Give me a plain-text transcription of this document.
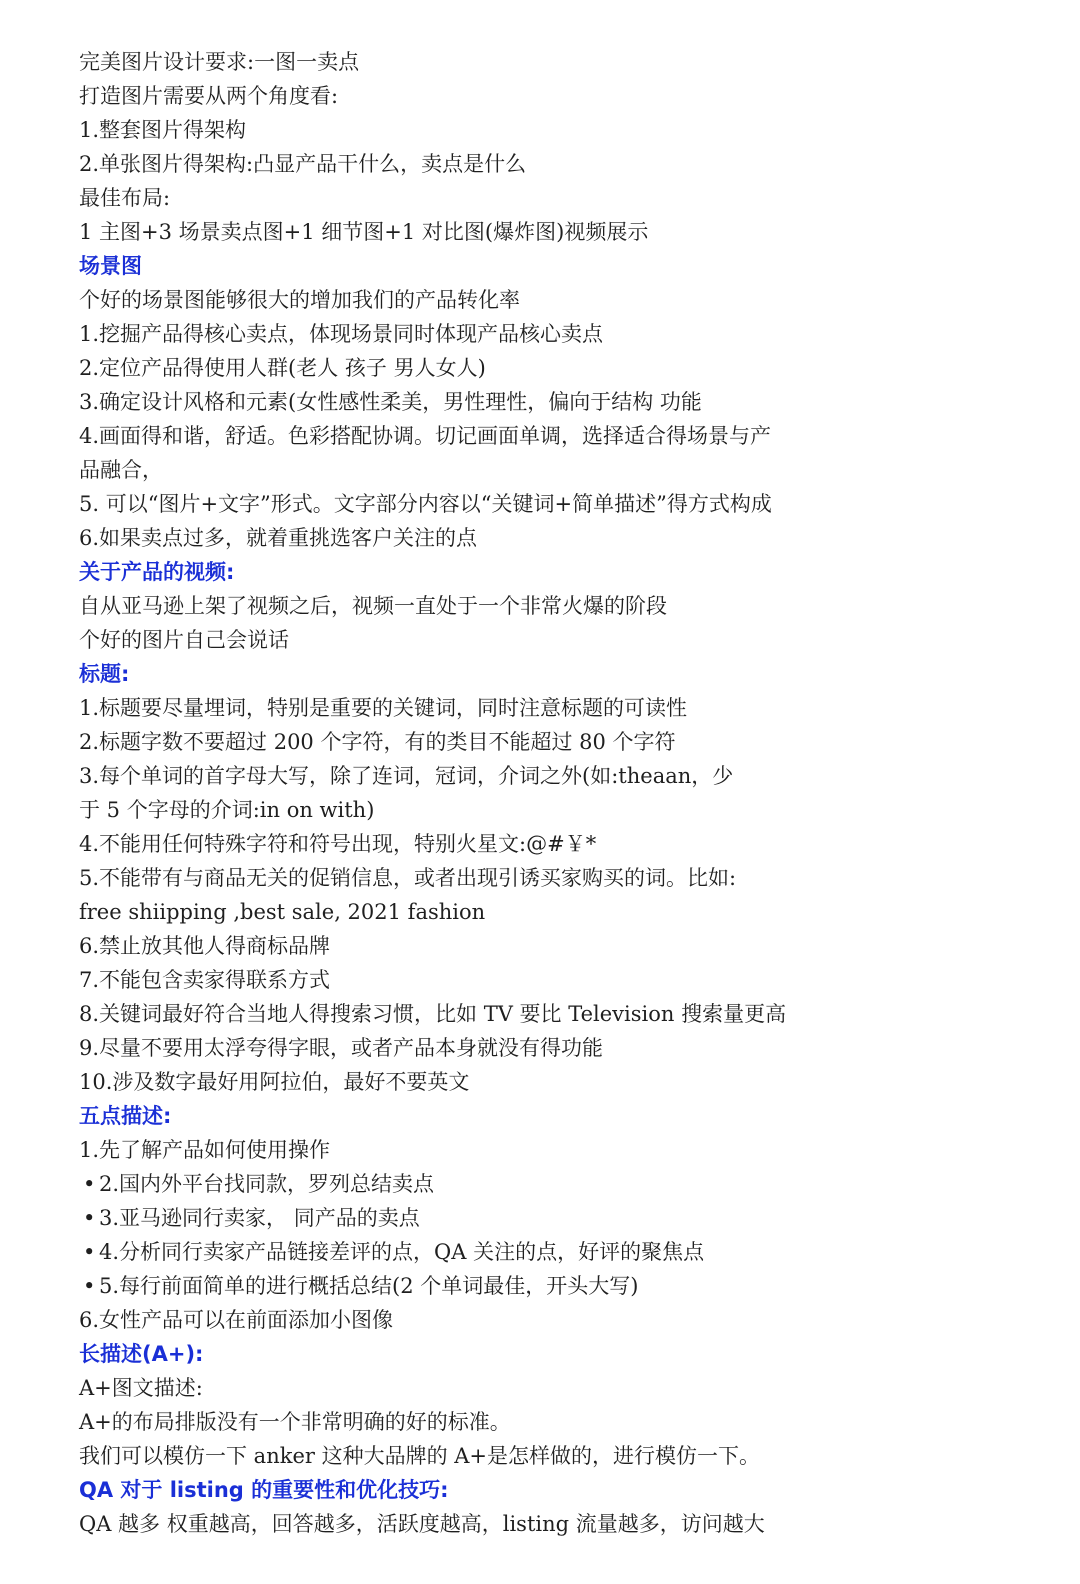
完美图片设计要求:一图一卖点
打造图片需要从两个角度看:
1.整套图片得架构
2.单张图片得架构:凸显产品干什么，卖点是什么
最佳布局:
1 主图+3 场景卖点图+1 细节图+1 对比图(爆炸图)视频展示
场景图
个好的场景图能够很大的增加我们的产品转化率
1.挖掘产品得核心卖点，体现场景同时体现产品核心卖点
2.定位产品得使用人群(老人 孩子 男人女人)
3.确定设计风格和元素(女性感性柔美，男性理性，偏向于结构 功能
4.画面得和谐，舒适。色彩搭配协调。切记画面单调，选择适合得场景与产
品融合，
5. 可以“图片+文字”形式。文字部分内容以“关键词+简单描述”得方式构成
6.如果卖点过多，就着重挑选客户关注的点
关于产品的视频:
自从亚马逊上架了视频之后，视频一直处于一个非常火爆的阶段
个好的图片自己会说话
标题:
1.标题要尽量埋词，特别是重要的关键词，同时注意标题的可读性
2.标题字数不要超过 200 个字符，有的类目不能超过 80 个字符
3.每个单词的首字母大写，除了连词，冠词，介词之外(如:theaan，少
于 5 个字母的介词:in on with)
4.不能用任何特殊字符和符号出现，特别火星文:@#￥*
5.不能带有与商品无关的促销信息，或者出现引诱买家购买的词。比如:
free shiipping ,best sale, 2021 fashion
6.禁止放其他人得商标品牌
7.不能包含卖家得联系方式
8.关键词最好符合当地人得搜索习惯，比如 TV 要比 Television 搜索量更高
9.尽量不要用太浮夸得字眼，或者产品本身就没有得功能
10.涉及数字最好用阿拉伯，最好不要英文
五点描述:
1.先了解产品如何使用操作
• 2.国内外平台找同款，罗列总结卖点
• 3.亚马逊同行卖家， 同产品的卖点
• 4.分析同行卖家产品链接差评的点，QA 关注的点，好评的聚焦点
• 5.每行前面简单的进行概括总结(2 个单词最佳，开头大写)
6.女性产品可以在前面添加小图像
长描述(A+):
A+图文描述:
A+的布局排版没有一个非常明确的好的标准。
我们可以模仿一下 anker 这种大品牌的 A+是怎样做的，进行模仿一下。
QA 对于 listing 的重要性和优化技巧:
QA 越多 权重越高，回答越多，活跃度越高，listing 流量越多，访问越大
